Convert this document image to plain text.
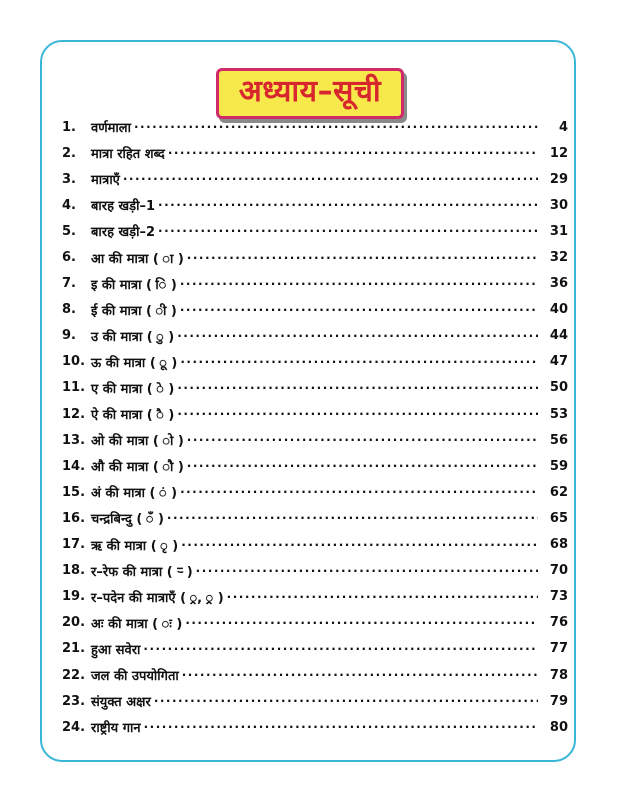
अध्याय–सूची
1.	वर्णमाला .....	4
2.	मात्रा रहित शब्द .....	12
3.	मात्राएँ .....	29
4.	बारह खड़ी–1 .....	30
5.	बारह खड़ी–2 .....	31
6.	आ की मात्रा ( ा ) .....	32
7.	इ की मात्रा ( ि ) .....	36
8.	ई की मात्रा ( ी ) .....	40
9.	उ की मात्रा ( ु ) .....	44
10. ऊ की मात्रा ( ू ) .....	47
11. ए की मात्रा ( े ) .....	50
12. ऐ की मात्रा ( ै ) .....	53
13. ओ की मात्रा ( ो ) .....	56
14. औ की मात्रा ( ौ ) .....	59
15. अं की मात्रा ( ं ) .....	62
16. चन्द्रबिन्दु ( ँ ) .....	65
17. ऋ की मात्रा ( ृ ) .....	68
18. र–रेफ की मात्रा ( र्‍ ) .....	70
19. र–पदेन की मात्राएँ ( ्र, ्र ) .....	73
20. अः की मात्रा ( ः ) .....	76
21. हुआ सवेरा .....	77
22. जल की उपयोगिता .....	78
23. संयुक्त अक्षर .....	79
24. राष्ट्रीय गान .....	80
